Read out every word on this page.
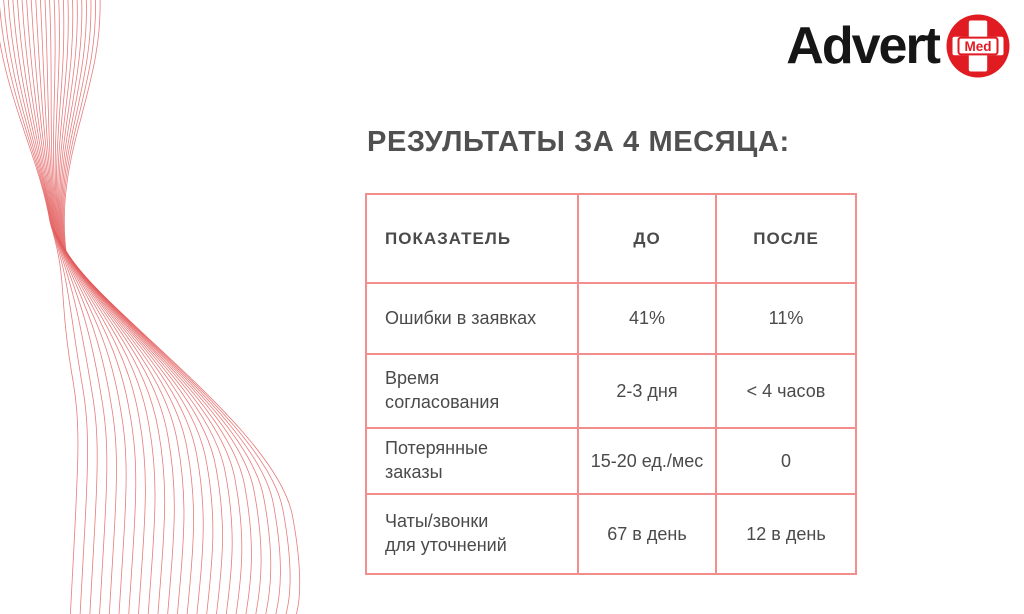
Advert Med
РЕЗУЛЬТАТЫ ЗА 4 МЕСЯЦА:
ПОКАЗАТЕЛЬ	ДО	ПОСЛЕ

Ошибки в заявках	41%	11%

Время
согласования	2-3 дня	< 4 часов

Потерянные
заказы	15-20 ед./мес	0

Чаты/звонки
для уточнений	67 в день	12 в день
